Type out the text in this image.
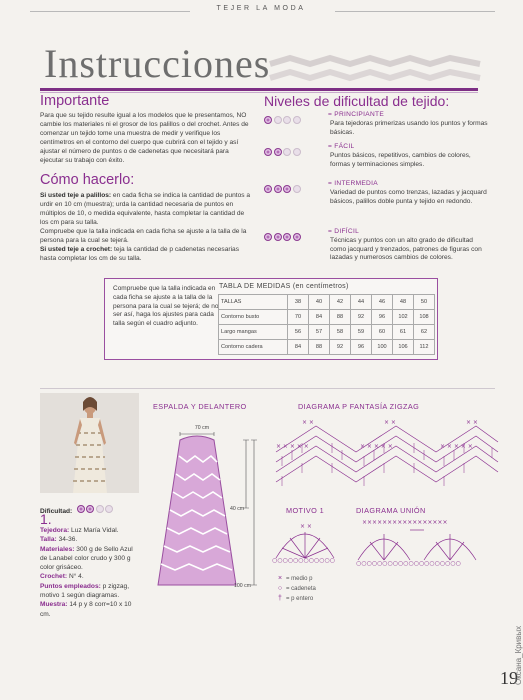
TEJER LA MODA
Instrucciones
Importante
Para que su tejido resulte igual a los modelos que le presentamos, NO cambie los materiales ni el grosor de los palillos o del crochet. Antes de comenzar un tejido tome una muestra de medir y verifique los centímetros en el contorno del cuerpo que cubrirá con el tejido y así ajustar el número de puntos o de cadenetas que necesitará para ejecutar su trabajo con éxito.
Cómo hacerlo:
Si usted teje a palillos: en cada ficha se indica la cantidad de puntos a urdir en 10 cm (muestra); urda la cantidad necesaria de puntos en múltiplos de 10, o medida equivalente, hasta completar la cantidad de los cm para su talla.
Compruebe que la talla indicada en cada ficha se ajuste a la talla de la persona para la cual se tejerá.
Si usted teje a crochet: teja la cantidad de p cadenetas necesarias hasta completar los cm de su talla.
Niveles de dificultad de tejido:
= PRINCIPIANTE
Para tejedoras primerizas usando los puntos y formas básicas.
= FÁCIL
Puntos básicos, repetitivos, cambios de colores, formas y terminaciones simples.
= INTERMEDIA
Variedad de puntos como trenzas, lazadas y jacquard básicos, palillos doble punta y tejido en redondo.
= DIFÍCIL
Técnicas y puntos con un alto grado de dificultad como jacquard y trenzados, patrones de figuras con lazadas y numerosos cambios de colores.
Compruebe que la talla indicada en cada ficha se ajuste a la talla de la persona para la cual se tejerá; de no ser así, haga los ajustes para cada talla según el cuadro adjunto.
TABLA DE MEDIDAS (en centímetros)
TALLAS	38	40	42	44	46	48	50
Contorno busto	70	84	88	92	96	102	108
Largo mangas	56	57	58	59	60	61	62
Contorno cadera	84	88	92	96	100	106	112
Dificultad:
1.
Tejedora: Luz María Vidal.
Talla: 34-36.
Materiales: 300 g de Sello Azul de Lanabel color crudo y 300 g color grisáceo.
Crochet: N° 4.
Puntos empleados: p zigzag, motivo 1 según diagramas.
Muestra: 14 p y 8 corr=10 x 10 cm.
ESPALDA Y DELANTERO
70 cm
40 cm
100 cm
DIAGRAMA P FANTASÍA ZIGZAG
× × × × ×	× × × × ×	× × × × ×
× ×	× ×	× ×
MOTIVO 1
○○○○○○○○○○○○
× ×
DIAGRAMA UNIÓN
×××××××××××××××××
○○○○○○○○○○○○○○○○○○○○
× = medio p
○ = cadeneta
† = p entero
19
Оксана_Кривых
